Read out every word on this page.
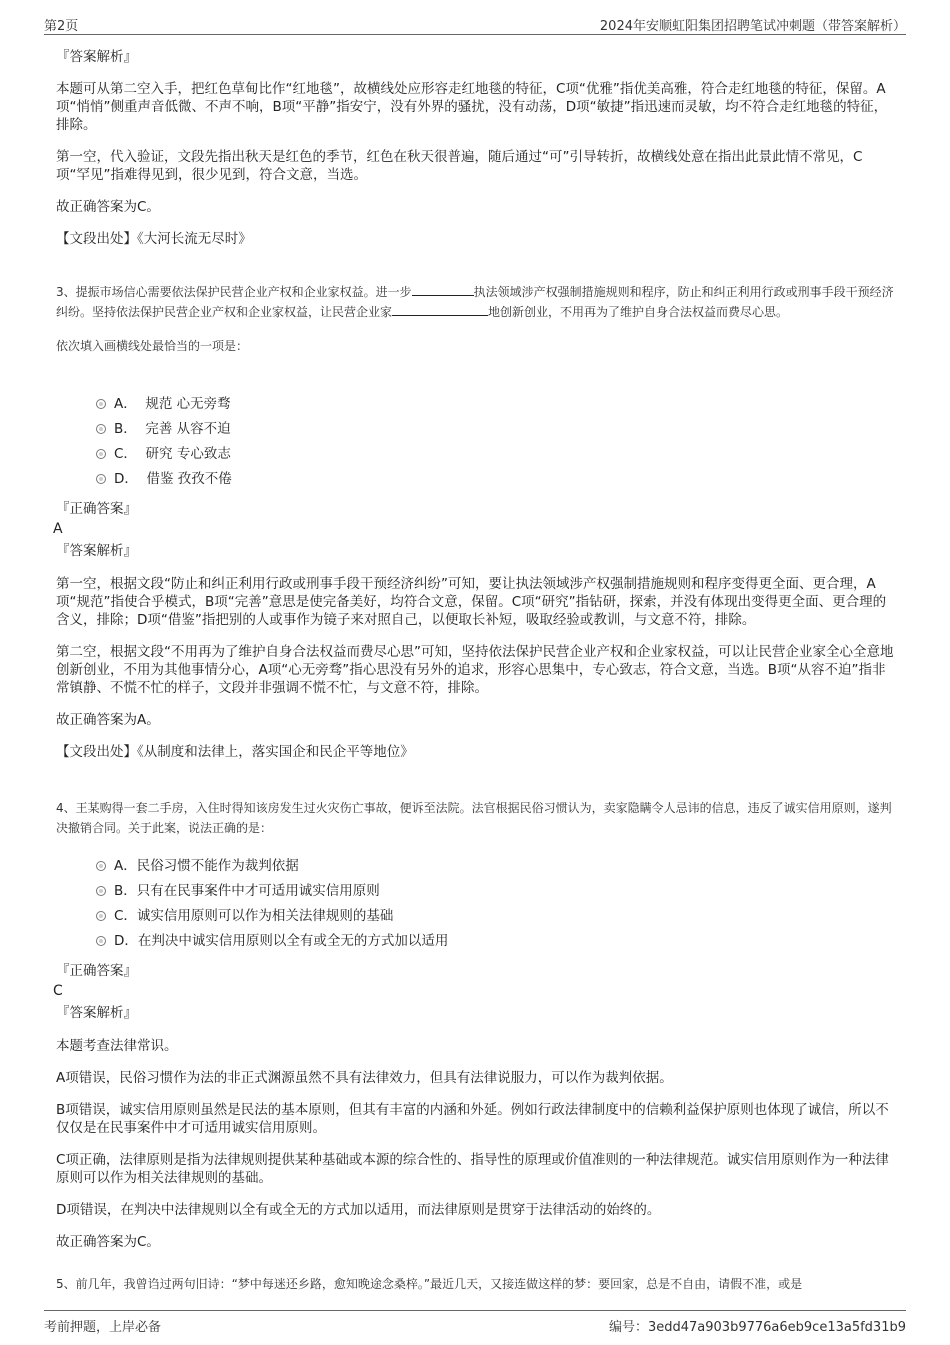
第2页	2024年安顺虹阳集团招聘笔试冲刺题（带答案解析）
『答案解析』

本题可从第二空入手，把红色草甸比作“红地毯”，故横线处应形容走红地毯的特征，C项“优雅”指优美高雅，符合走红地毯的特征，保留。A项“悄悄”侧重声音低微、不声不响，B项“平静”指安宁，没有外界的骚扰，没有动荡，D项“敏捷”指迅速而灵敏，均不符合走红地毯的特征，排除。

第一空，代入验证，文段先指出秋天是红色的季节，红色在秋天很普遍，随后通过“可”引导转折，故横线处意在指出此景此情不常见，C项“罕见”指难得见到，很少见到，符合文意，当选。

故正确答案为C。

【文段出处】《大河长流无尽时》

3、提振市场信心需要依法保护民营企业产权和企业家权益。进一步	执法领域涉产权强制措施规则和程序，防止和纠正利用行政或刑事手段干预经济纠纷。坚持依法保护民营企业产权和企业家权益，让民营企业家	地创新创业，不用再为了维护自身合法权益而费尽心思。

依次填入画横线处最恰当的一项是：

A． 规范 心无旁骛
B． 完善 从容不迫
C． 研究 专心致志
D． 借鉴 孜孜不倦
『正确答案』
A
『答案解析』

第一空，根据文段“防止和纠正利用行政或刑事手段干预经济纠纷”可知，要让执法领域涉产权强制措施规则和程序变得更全面、更合理，A项“规范”指使合乎模式，B项“完善”意思是使完备美好，均符合文意，保留。C项“研究”指钻研，探索，并没有体现出变得更全面、更合理的含义，排除；D项“借鉴”指把别的人或事作为镜子来对照自己，以便取长补短，吸取经验或教训，与文意不符，排除。

第二空，根据文段“不用再为了维护自身合法权益而费尽心思”可知，坚持依法保护民营企业产权和企业家权益，可以让民营企业家全心全意地创新创业，不用为其他事情分心，A项“心无旁骛”指心思没有另外的追求，形容心思集中，专心致志，符合文意，当选。B项“从容不迫”指非常镇静、不慌不忙的样子，文段并非强调不慌不忙，与文意不符，排除。

故正确答案为A。

【文段出处】《从制度和法律上，落实国企和民企平等地位》

4、王某购得一套二手房，入住时得知该房发生过火灾伤亡事故，便诉至法院。法官根据民俗习惯认为，卖家隐瞒令人忌讳的信息，违反了诚实信用原则，遂判决撤销合同。关于此案，说法正确的是：

A．民俗习惯不能作为裁判依据
B．只有在民事案件中才可适用诚实信用原则
C．诚实信用原则可以作为相关法律规则的基础
D．在判决中诚实信用原则以全有或全无的方式加以适用
『正确答案』
C
『答案解析』

本题考查法律常识。

A项错误，民俗习惯作为法的非正式渊源虽然不具有法律效力，但具有法律说服力，可以作为裁判依据。

B项错误，诚实信用原则虽然是民法的基本原则，但其有丰富的内涵和外延。例如行政法律制度中的信赖利益保护原则也体现了诚信，所以不仅仅是在民事案件中才可适用诚实信用原则。

C项正确，法律原则是指为法律规则提供某种基础或本源的综合性的、指导性的原理或价值准则的一种法律规范。诚实信用原则作为一种法律原则可以作为相关法律规则的基础。

D项错误，在判决中法律规则以全有或全无的方式加以适用，而法律原则是贯穿于法律活动的始终的。

故正确答案为C。

5、前几年，我曾诌过两句旧诗：“梦中每迷还乡路，愈知晚途念桑梓。”最近几天，又接连做这样的梦：要回家，总是不自由，请假不准，或是

考前押题，上岸必备	编号：3edd47a903b9776a6eb9ce13a5fd31b9
